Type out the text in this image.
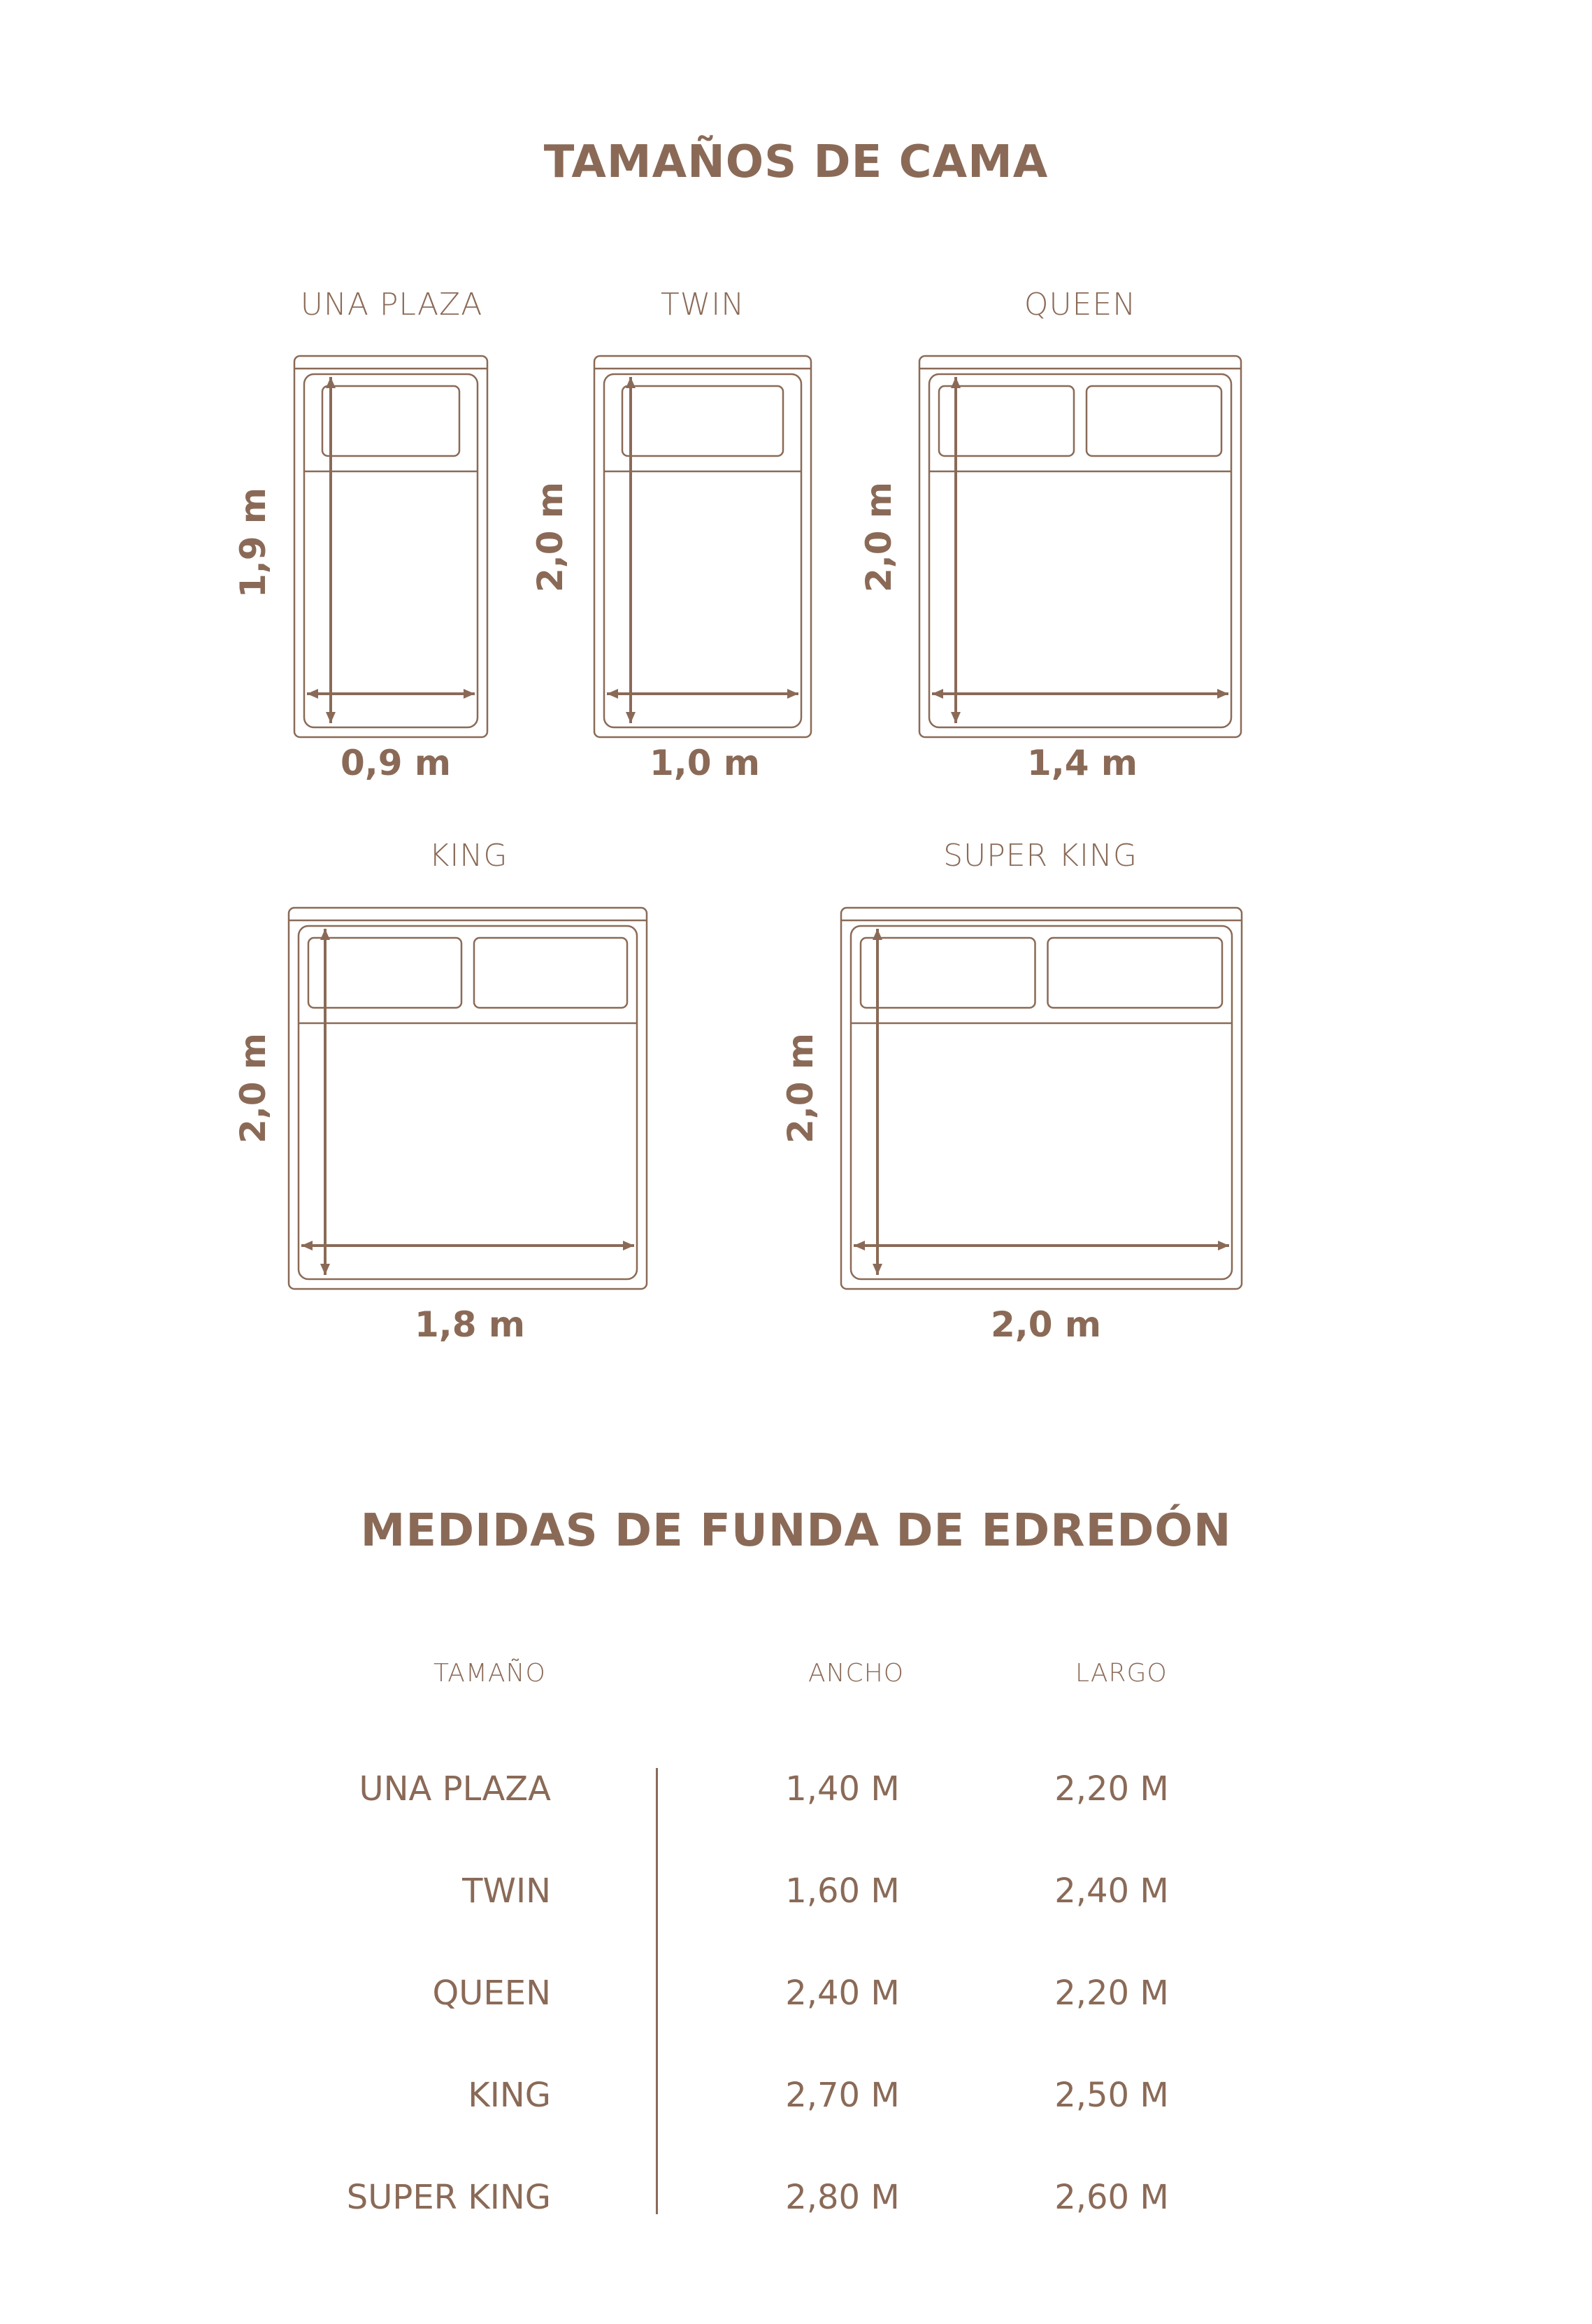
TAMAÑOS DE CAMA
UNA PLAZA	TWIN	QUEEN
KING	SUPER KING
0,9 m	1,0 m	1,4 m
1,8 m	2,0 m
1,9 m	2,0 m	2,0 m
2,0 m	2,0 m
MEDIDAS DE FUNDA DE EDREDÓN
TAMAÑO	ANCHO	LARGO
UNA PLAZA	1,40 M	2,20 M
TWIN	1,60 M	2,40 M
QUEEN	2,40 M	2,20 M
KING	2,70 M	2,50 M
SUPER KING	2,80 M	2,60 M
